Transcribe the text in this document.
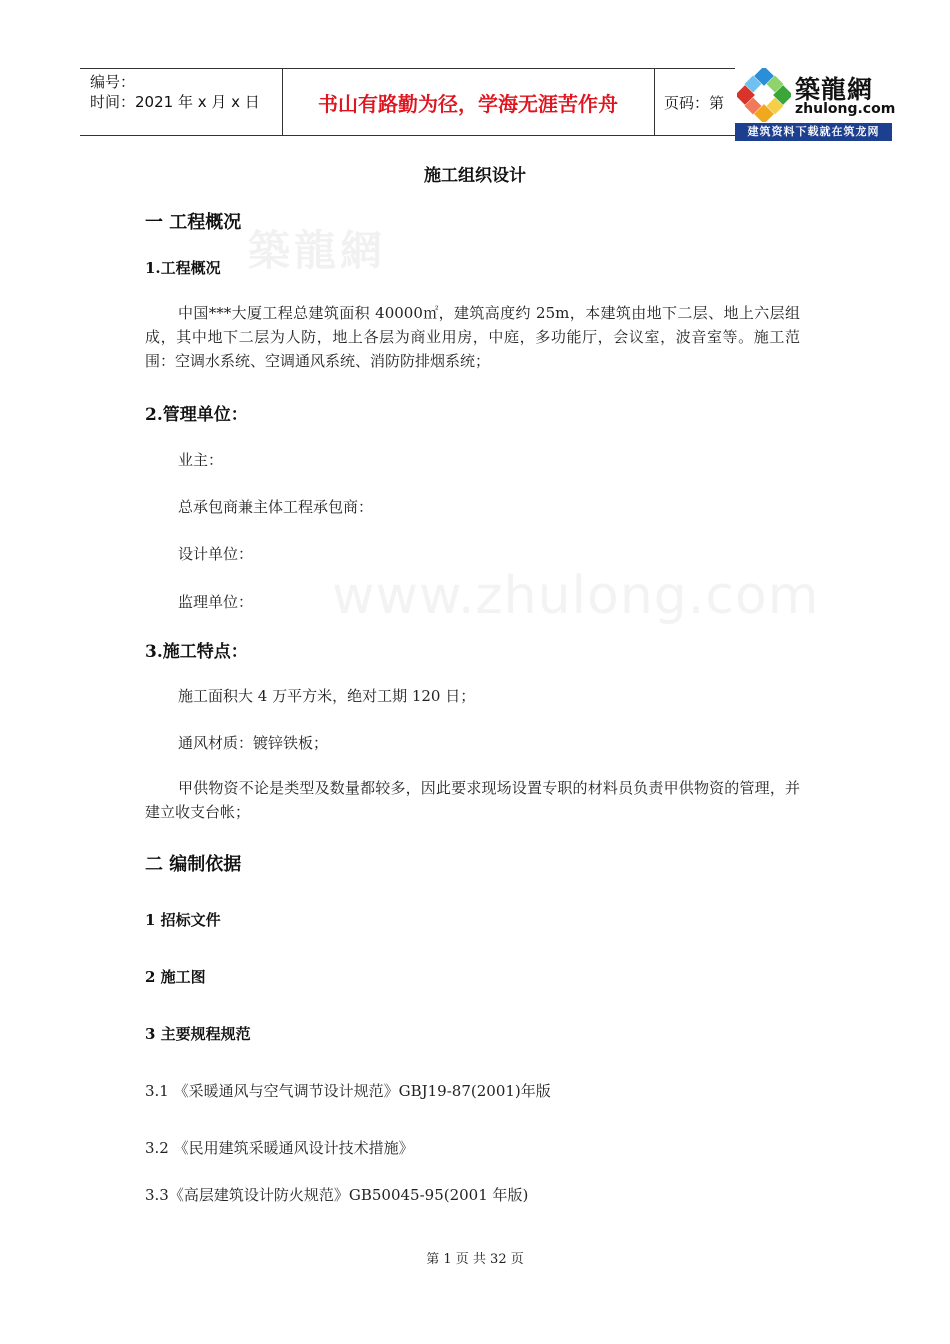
编号：
时间：2021 年 x 月 x 日	书山有路勤为径，学海无涯苦作舟	页码：第	築龍網
zhulong.com
建筑资料下载就在筑龙网
築龍網
www.zhulong.com
施工组织设计
一 工程概况
1.工程概况
中国***大厦工程总建筑面积 40000㎡，建筑高度约 25m，本建筑由地下二层、地上六层组成，其中地下二层为人防，地上各层为商业用房，中庭，多功能厅，会议室，波音室等。施工范围：空调水系统、空调通风系统、消防防排烟系统；
2.管理单位：
业主：
总承包商兼主体工程承包商：
设计单位：
监理单位：
3.施工特点：
施工面积大 4 万平方米，绝对工期 120 日；
通风材质：镀锌铁板；
甲供物资不论是类型及数量都较多，因此要求现场设置专职的材料员负责甲供物资的管理，并建立收支台帐；
二 编制依据
1 招标文件
2 施工图
3 主要规程规范
3.1 《采暖通风与空气调节设计规范》GBJ19-87(2001)年版
3.2 《民用建筑采暖通风设计技术措施》
3.3《高层建筑设计防火规范》GB50045-95(2001 年版)
第 1 页 共 32 页
